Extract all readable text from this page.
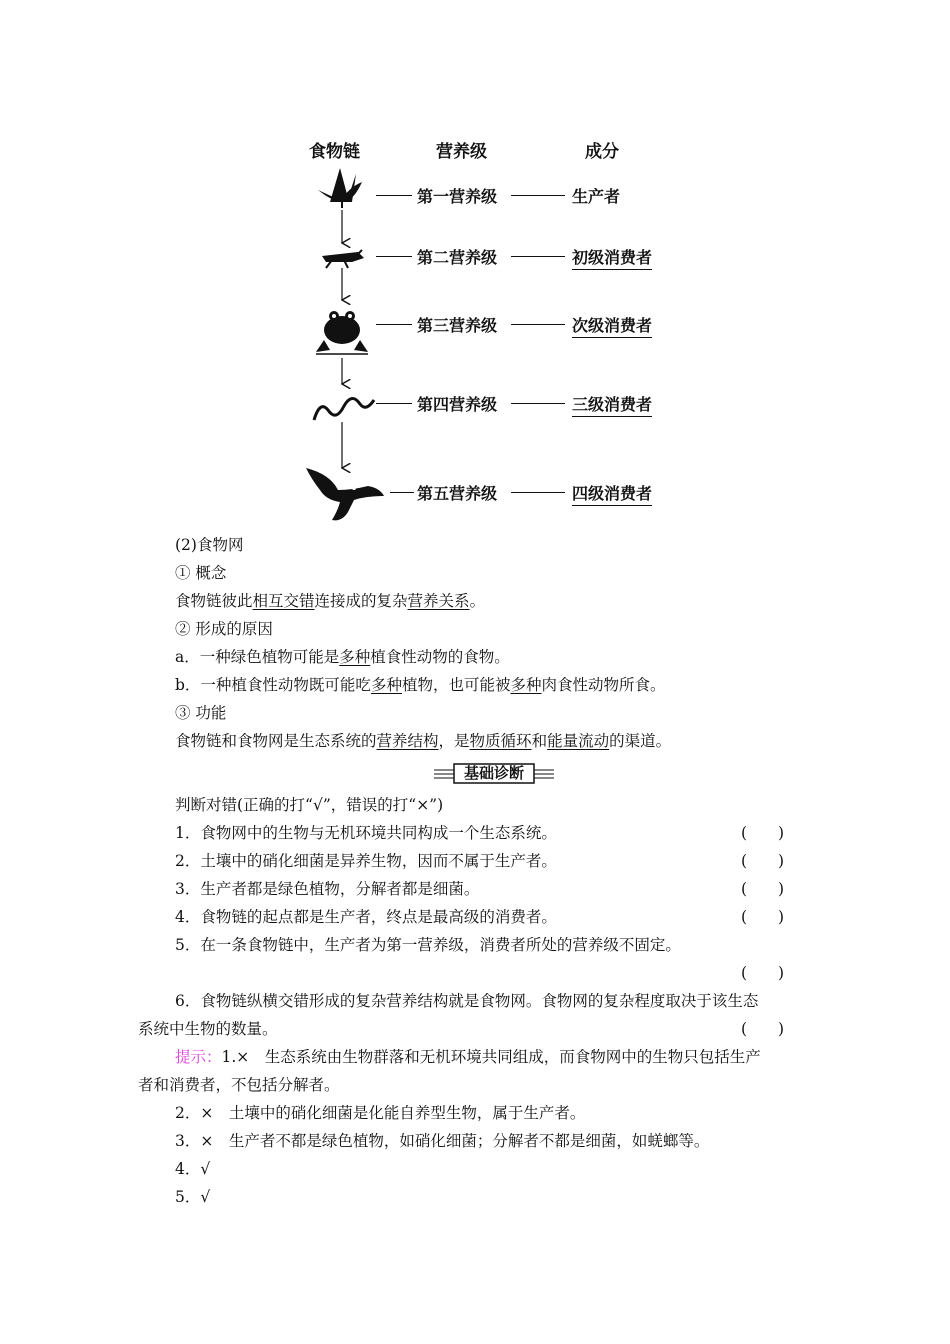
食物链	营养级	成分
第一营养级	生产者
第二营养级	初级消费者
第三营养级	次级消费者
第四营养级	三级消费者
第五营养级	四级消费者
(2)食物网
① 概念
食物链彼此相互交错连接成的复杂营养关系。
② 形成的原因
a．一种绿色植物可能是多种植食性动物的食物。
b．一种植食性动物既可能吃多种植物，也可能被多种肉食性动物所食。
③ 功能
食物链和食物网是生态系统的营养结构，是物质循环和能量流动的渠道。
基础诊断
判断对错(正确的打“√”，错误的打“×”)
1．食物网中的生物与无机环境共同构成一个生态系统。	(　　)
2．土壤中的硝化细菌是异养生物，因而不属于生产者。	(　　)
3．生产者都是绿色植物，分解者都是细菌。	(　　)
4．食物链的起点都是生产者，终点是最高级的消费者。	(　　)
5．在一条食物链中，生产者为第一营养级，消费者所处的营养级不固定。
(　　)
6．食物链纵横交错形成的复杂营养结构就是食物网。食物网的复杂程度取决于该生态
系统中生物的数量。	(　　)
提示：1.×　生态系统由生物群落和无机环境共同组成，而食物网中的生物只包括生产
者和消费者，不包括分解者。
2．×　土壤中的硝化细菌是化能自养型生物，属于生产者。
3．×　生产者不都是绿色植物，如硝化细菌；分解者不都是细菌，如蜣螂等。
4．√
5．√
